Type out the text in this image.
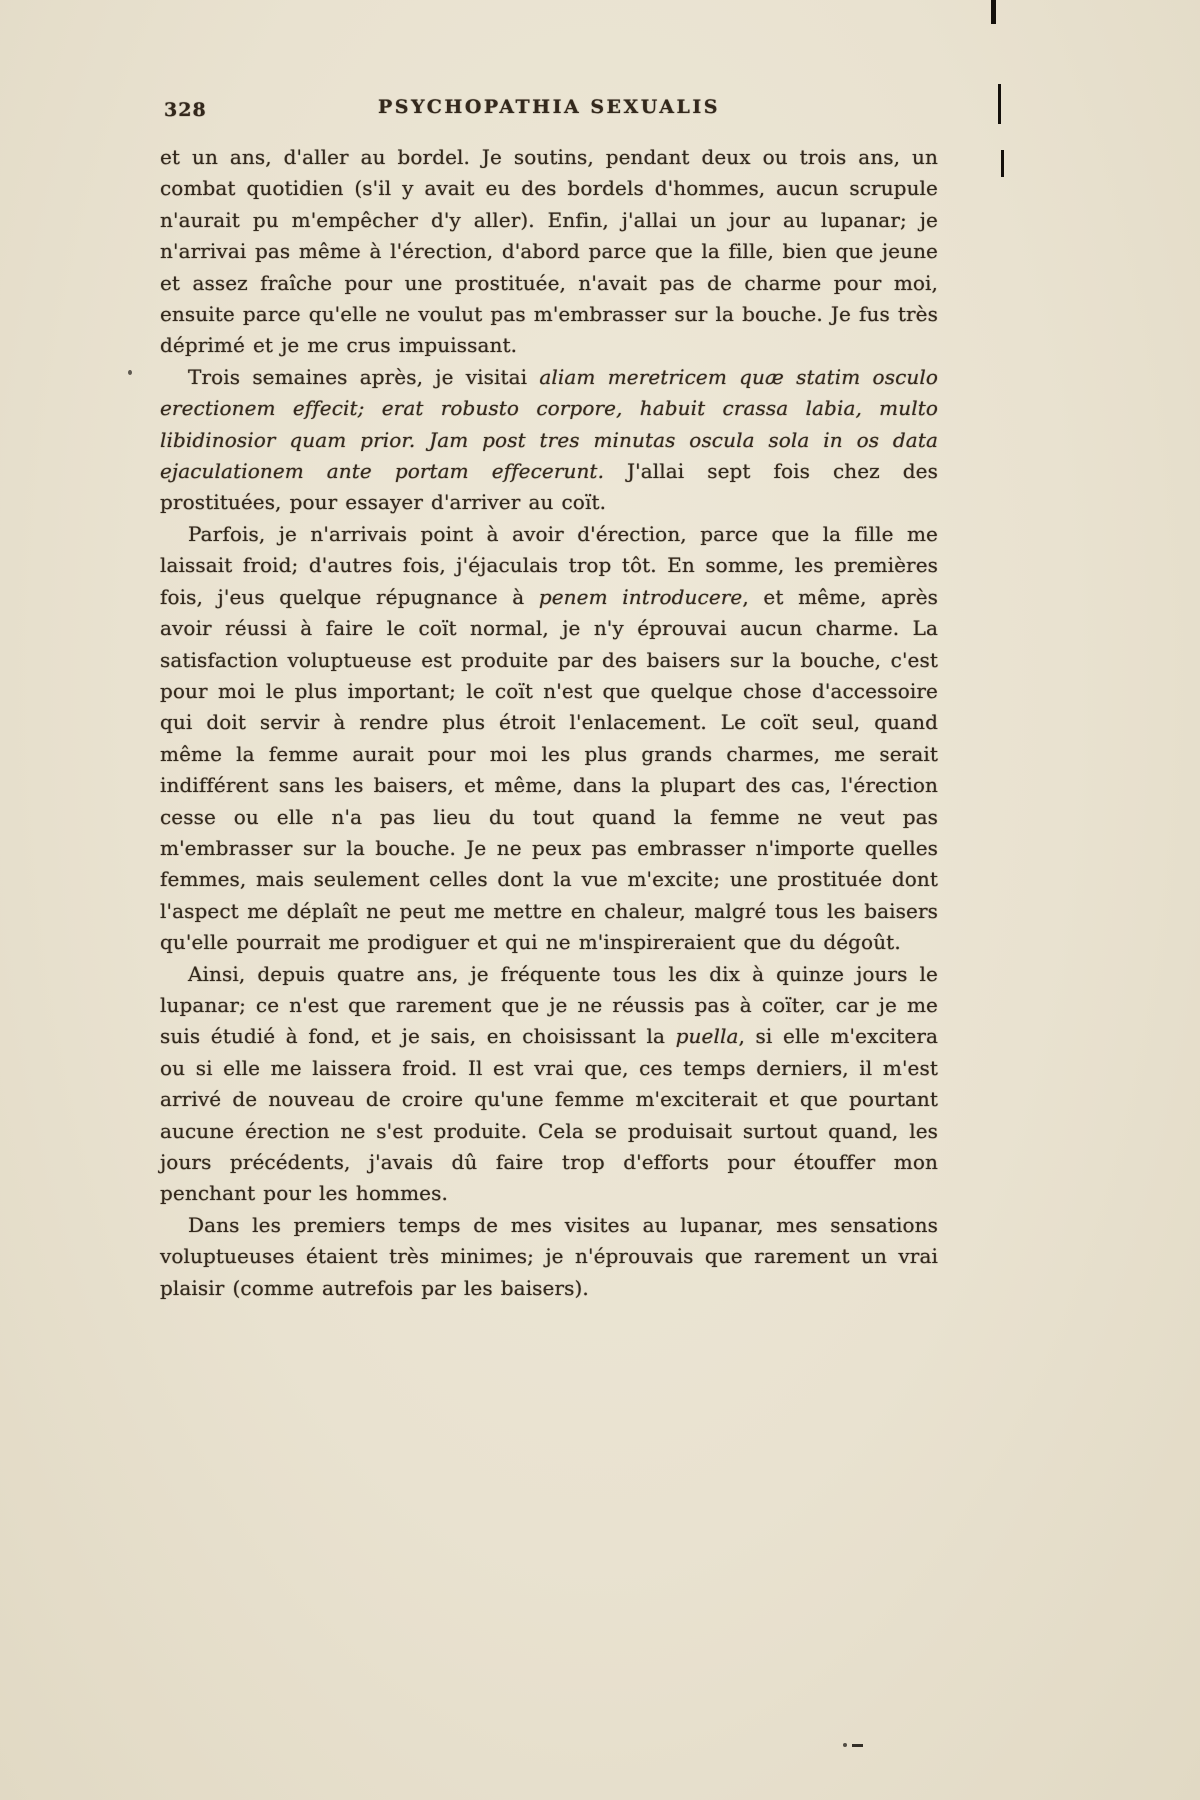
328	PSYCHOPATHIA SEXUALIS

et un ans, d'aller au bordel. Je soutins, pendant deux ou trois ans, un combat quotidien (s'il y avait eu des bordels d'hommes, aucun scrupule n'aurait pu m'empêcher d'y aller). Enfin, j'allai un jour au lupanar; je n'arrivai pas même à l'érection, d'abord parce que la fille, bien que jeune et assez fraîche pour une prostituée, n'avait pas de charme pour moi, ensuite parce qu'elle ne voulut pas m'embrasser sur la bouche. Je fus très déprimé et je me crus impuissant.

Trois semaines après, je visitai aliam meretricem quæ statim osculo erectionem effecit; erat robusto corpore, habuit crassa labia, multo libidinosior quam prior. Jam post tres minutas oscula sola in os data ejaculationem ante portam effecerunt. J'allai sept fois chez des prostituées, pour essayer d'arriver au coït.

Parfois, je n'arrivais point à avoir d'érection, parce que la fille me laissait froid; d'autres fois, j'éjaculais trop tôt. En somme, les premières fois, j'eus quelque répugnance à penem introducere, et même, après avoir réussi à faire le coït normal, je n'y éprouvai aucun charme. La satisfaction voluptueuse est produite par des baisers sur la bouche, c'est pour moi le plus important; le coït n'est que quelque chose d'accessoire qui doit servir à rendre plus étroit l'enlacement. Le coït seul, quand même la femme aurait pour moi les plus grands charmes, me serait indifférent sans les baisers, et même, dans la plupart des cas, l'érection cesse ou elle n'a pas lieu du tout quand la femme ne veut pas m'embrasser sur la bouche. Je ne peux pas embrasser n'importe quelles femmes, mais seulement celles dont la vue m'excite; une prostituée dont l'aspect me déplaît ne peut me mettre en chaleur, malgré tous les baisers qu'elle pourrait me prodiguer et qui ne m'inspireraient que du dégoût.

Ainsi, depuis quatre ans, je fréquente tous les dix à quinze jours le lupanar; ce n'est que rarement que je ne réussis pas à coïter, car je me suis étudié à fond, et je sais, en choisissant la puella, si elle m'excitera ou si elle me laissera froid. Il est vrai que, ces temps derniers, il m'est arrivé de nouveau de croire qu'une femme m'exciterait et que pourtant aucune érection ne s'est produite. Cela se produisait surtout quand, les jours précédents, j'avais dû faire trop d'efforts pour étouffer mon penchant pour les hommes.

Dans les premiers temps de mes visites au lupanar, mes sensations voluptueuses étaient très minimes; je n'éprouvais que rarement un vrai plaisir (comme autrefois par les baisers).
